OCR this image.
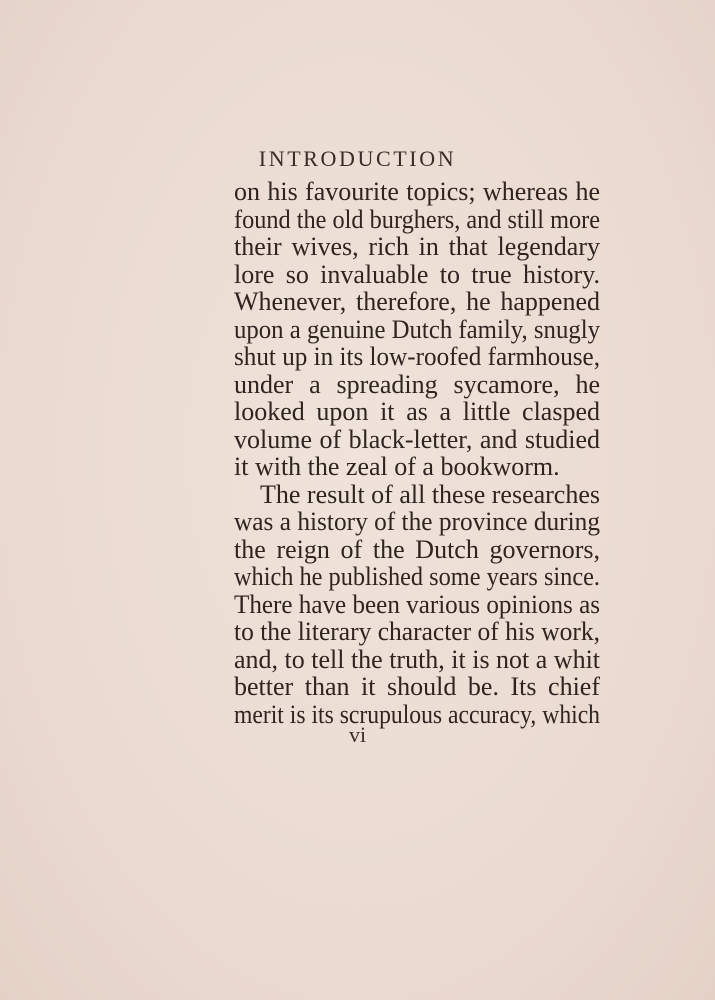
INTRODUCTION
on his favourite topics; whereas he
found the old burghers, and still more
their wives, rich in that legendary
lore so invaluable to true history.
Whenever, therefore, he happened
upon a genuine Dutch family, snugly
shut up in its low-roofed farmhouse,
under a spreading sycamore, he
looked upon it as a little clasped
volume of black-letter, and studied
it with the zeal of a bookworm.
The result of all these researches
was a history of the province during
the reign of the Dutch governors,
which he published some years since.
There have been various opinions as
to the literary character of his work,
and, to tell the truth, it is not a whit
better than it should be. Its chief
merit is its scrupulous accuracy, which
vi
